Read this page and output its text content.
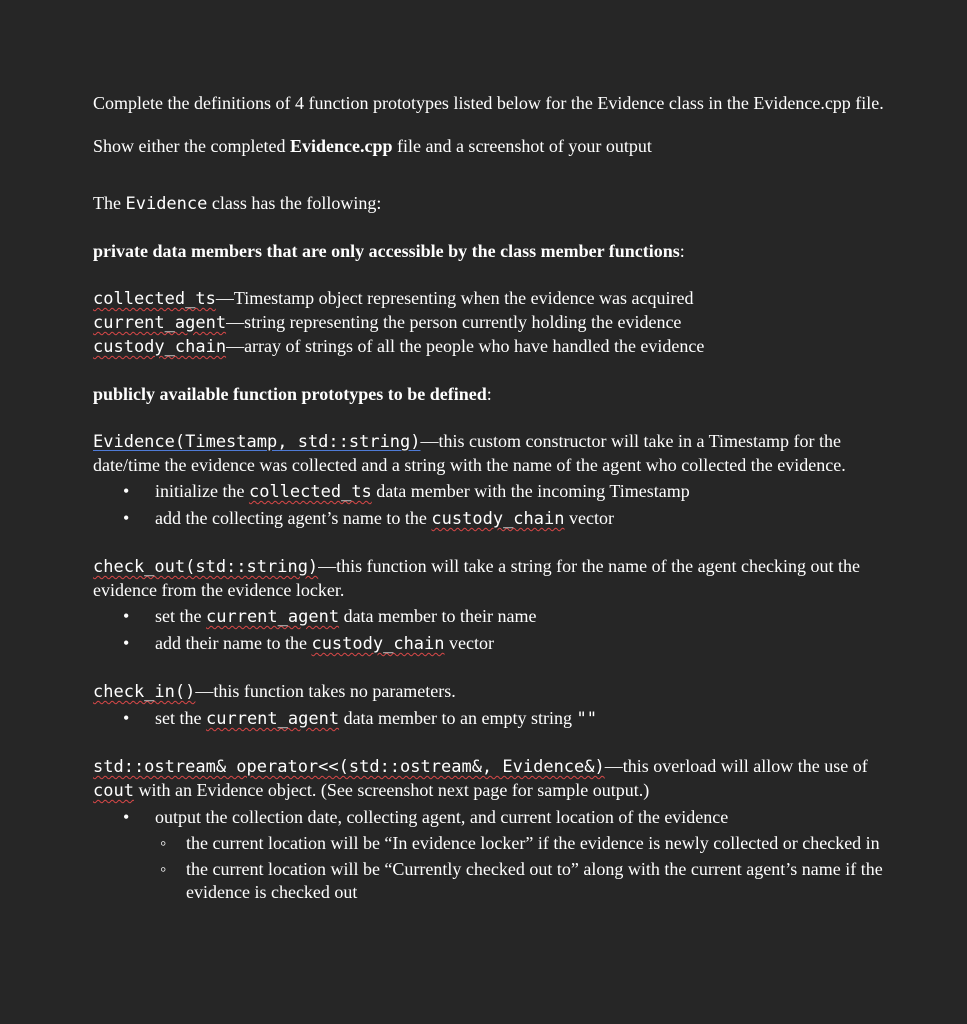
Complete the definitions of 4 function prototypes listed below for the Evidence class in the Evidence.cpp file.

Show either the completed Evidence.cpp file and a screenshot of your output

The Evidence class has the following:

private data members that are only accessible by the class member functions:

collected_ts—Timestamp object representing when the evidence was acquired

current_agent—string representing the person currently holding the evidence

custody_chain—array of strings of all the people who have handled the evidence

publicly available function prototypes to be defined:

Evidence(Timestamp, std::string)—this custom constructor will take in a Timestamp for the date/time the evidence was collected and a string with the name of the agent who collected the evidence.

• initialize the collected_ts data member with the incoming Timestamp
• add the collecting agent’s name to the custody_chain vector

check_out(std::string)—this function will take a string for the name of the agent checking out the evidence from the evidence locker.

• set the current_agent data member to their name
• add their name to the custody_chain vector

check_in()—this function takes no parameters.

• set the current_agent data member to an empty string ""

std::ostream& operator<<(std::ostream&, Evidence&)—this overload will allow the use of cout with an Evidence object. (See screenshot next page for sample output.)

• output the collection date, collecting agent, and current location of the evidence
◦ the current location will be “In evidence locker” if the evidence is newly collected or checked in
◦ the current location will be “Currently checked out to” along with the current agent’s name if the evidence is checked out
